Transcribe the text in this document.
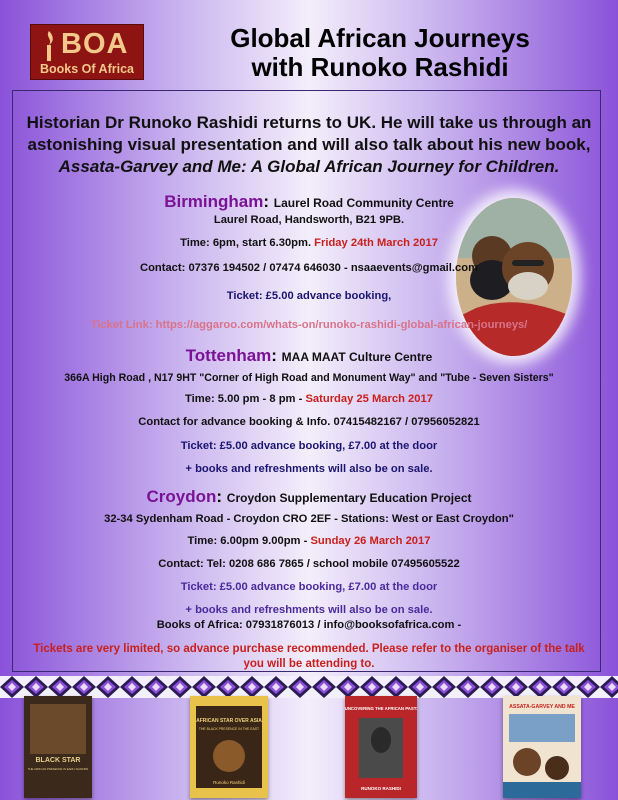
BOA
Books Of Africa
Global African Journeys
with Runoko Rashidi
Historian Dr Runoko Rashidi returns to UK. He will take us through an
astonishing visual presentation and will also talk about his new book,
Assata-Garvey and Me: A Global African Journey for Children.
Birmingham: Laurel Road Community Centre
Laurel Road, Handsworth, B21 9PB.
Time: 6pm, start 6.30pm. Friday 24th March 2017
Contact: 07376 194502 / 07474 646030 - nsaaevents@gmail.com
Ticket: £5.00 advance booking,
Ticket Link: https://aggaroo.com/whats-on/runoko-rashidi-global-african-journeys/
Tottenham: MAA MAAT Culture Centre
366A High Road , N17 9HT "Corner of High Road and Monument Way" and "Tube - Seven Sisters"
Time: 5.00 pm - 8 pm - Saturday 25 March 2017
Contact for advance booking & Info. 07415482167 / 07956052821
Ticket: £5.00 advance booking, £7.00 at the door
+ books and refreshments will also be on sale.
Croydon: Croydon Supplementary Education Project
32-34 Sydenham Road - Croydon CRO 2EF - Stations: West or East Croydon"
Time: 6.00pm 9.00pm - Sunday 26 March 2017
Contact: Tel: 0208 686 7865 / school mobile 07495605522
Ticket: £5.00 advance booking, £7.00 at the door
+ books and refreshments will also be on sale.
Books of Africa: 07931876013 / info@booksofafrica.com -
Tickets are very limited, so advance purchase recommended. Please refer to the organiser of the talk you will be attending to.
BLACK STAR
THE AFRICAN PRESENCE IN EARLY EUROPE
AFRICAN STAR OVER ASIA
THE BLACK PRESENCE IN THE EAST
Runoko Rashidi
UNCOVERING THE AFRICAN PAST:
RUNOKO RASHIDI
ASSATA-GARVEY AND ME
